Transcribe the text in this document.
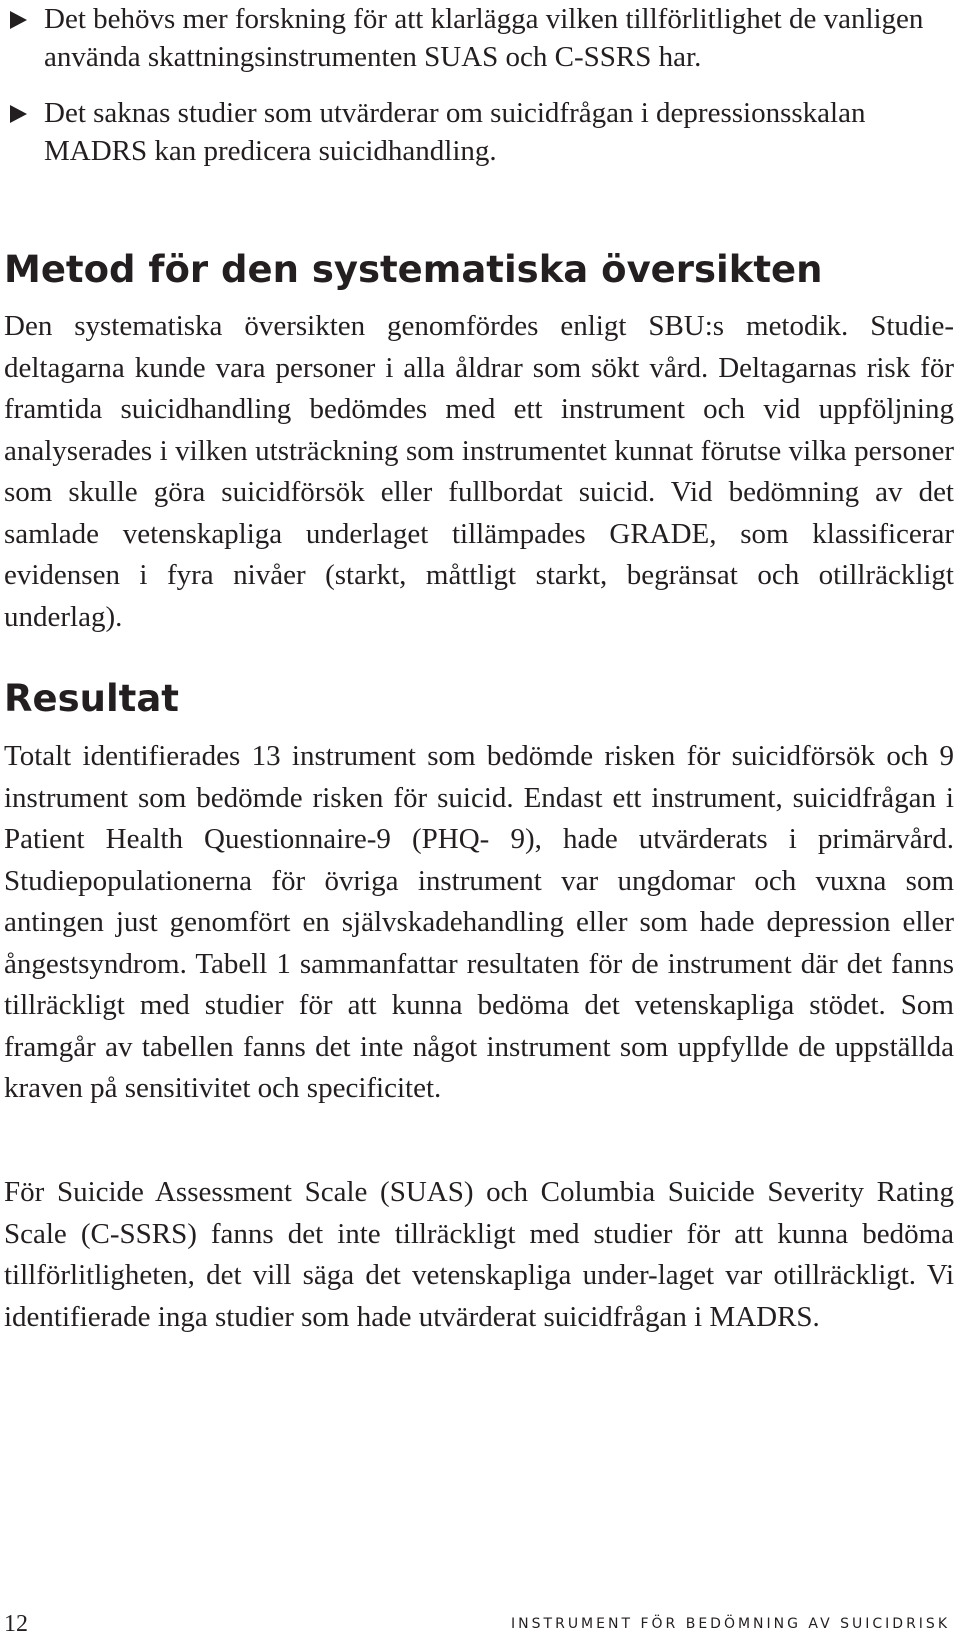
Det behövs mer forskning för att klarlägga vilken tillförlitlighet de vanligen använda skattningsinstrumenten SUAS och C-SSRS har.
Det saknas studier som utvärderar om suicidfrågan i depressionsskalan MADRS kan predicera suicidhandling.
Metod för den systematiska översikten

Den systematiska översikten genomfördes enligt SBU:s metodik. Studie-deltagarna kunde vara personer i alla åldrar som sökt vård. Deltagarnas risk för framtida suicidhandling bedömdes med ett instrument och vid uppföljning analyserades i vilken utsträckning som instrumentet kunnat förutse vilka personer som skulle göra suicidförsök eller fullbordat suicid. Vid bedömning av det samlade vetenskapliga underlaget tillämpades GRADE, som klassificerar evidensen i fyra nivåer (starkt, måttligt starkt, begränsat och otillräckligt underlag).

Resultat

Totalt identifierades 13 instrument som bedömde risken för suicidförsök och 9 instrument som bedömde risken för suicid. Endast ett instrument, suicidfrågan i Patient Health Questionnaire-9 (PHQ- 9), hade utvärderats i primärvård. Studiepopulationerna för övriga instrument var ungdomar och vuxna som antingen just genomfört en självskadehandling eller som hade depression eller ångestsyndrom. Tabell 1 sammanfattar resultaten för de instrument där det fanns tillräckligt med studier för att kunna bedöma det vetenskapliga stödet. Som framgår av tabellen fanns det inte något instrument som uppfyllde de uppställda kraven på sensitivitet och specificitet.

För Suicide Assessment Scale (SUAS) och Columbia Suicide Severity Rating Scale (C-SSRS) fanns det inte tillräckligt med studier för att kunna bedöma tillförlitligheten, det vill säga det vetenskapliga under-laget var otillräckligt. Vi identifierade inga studier som hade utvärderat suicidfrågan i MADRS.

12	INSTRUMENT FÖR BEDÖMNING AV SUICIDRISK
